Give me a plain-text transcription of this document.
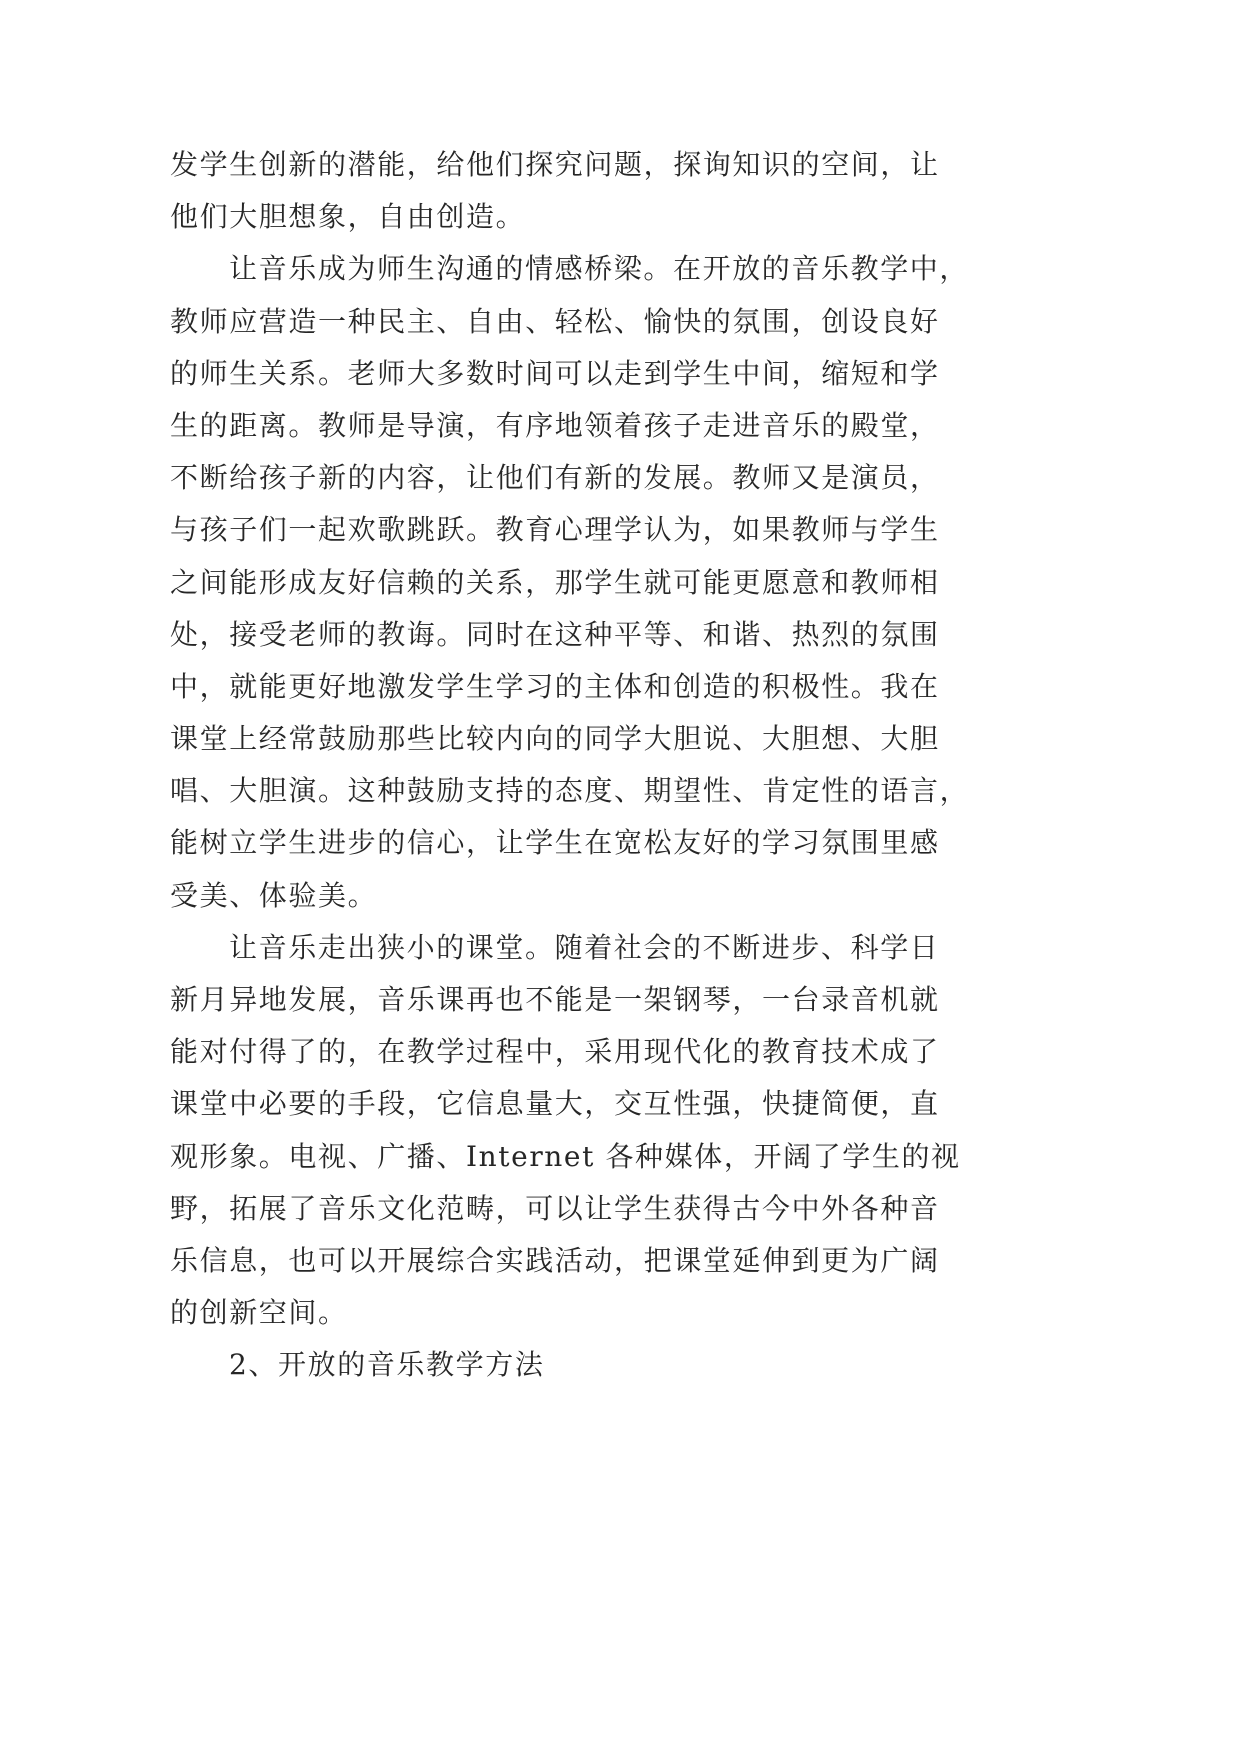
发学生创新的潜能，给他们探究问题，探询知识的空间，让
他们大胆想象，自由创造。
让音乐成为师生沟通的情感桥梁。在开放的音乐教学中，
教师应营造一种民主、自由、轻松、愉快的氛围，创设良好
的师生关系。老师大多数时间可以走到学生中间，缩短和学
生的距离。教师是导演，有序地领着孩子走进音乐的殿堂，
不断给孩子新的内容，让他们有新的发展。教师又是演员，
与孩子们一起欢歌跳跃。教育心理学认为，如果教师与学生
之间能形成友好信赖的关系，那学生就可能更愿意和教师相
处，接受老师的教诲。同时在这种平等、和谐、热烈的氛围
中，就能更好地激发学生学习的主体和创造的积极性。我在
课堂上经常鼓励那些比较内向的同学大胆说、大胆想、大胆
唱、大胆演。这种鼓励支持的态度、期望性、肯定性的语言，
能树立学生进步的信心，让学生在宽松友好的学习氛围里感
受美、体验美。
让音乐走出狭小的课堂。随着社会的不断进步、科学日
新月异地发展，音乐课再也不能是一架钢琴，一台录音机就
能对付得了的，在教学过程中，采用现代化的教育技术成了
课堂中必要的手段，它信息量大，交互性强，快捷简便，直
观形象。电视、广播、Internet 各种媒体，开阔了学生的视
野，拓展了音乐文化范畴，可以让学生获得古今中外各种音
乐信息，也可以开展综合实践活动，把课堂延伸到更为广阔
的创新空间。
2、开放的音乐教学方法
